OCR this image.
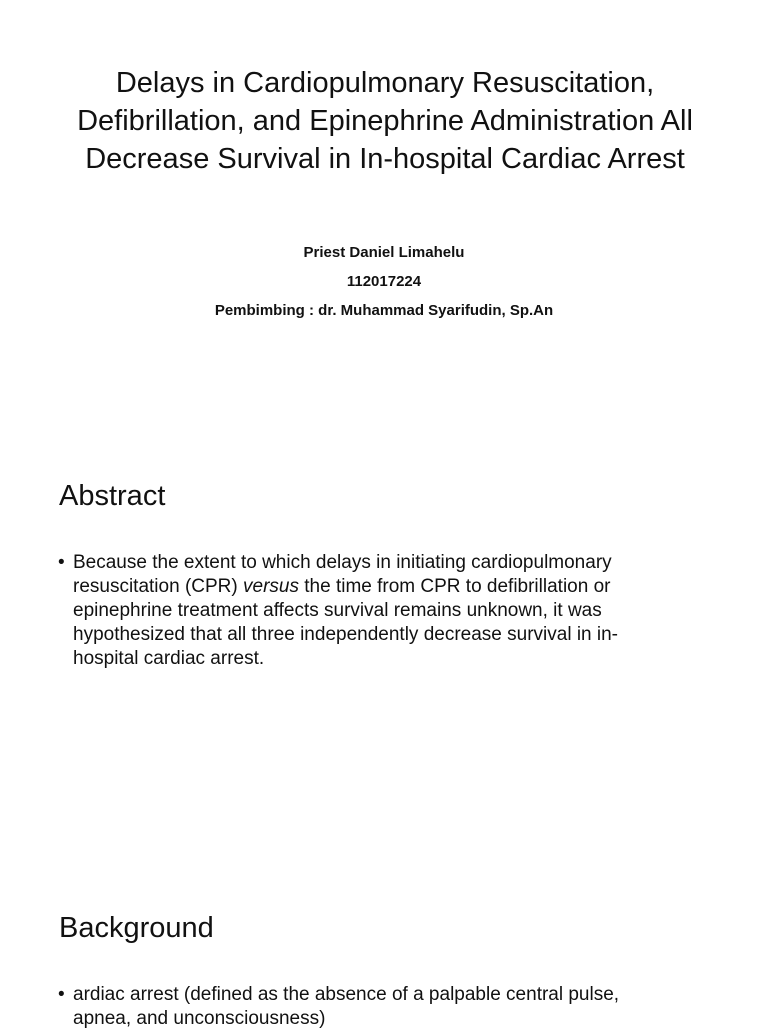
Delays in Cardiopulmonary Resuscitation, Defibrillation, and Epinephrine Administration All Decrease Survival in In-hospital Cardiac Arrest
Priest Daniel Limahelu
112017224
Pembimbing : dr. Muhammad Syarifudin, Sp.An
Abstract
• Because the extent to which delays in initiating cardiopulmonary resuscitation (CPR) versus the time from CPR to defibrillation or epinephrine treatment affects survival remains unknown, it was hypothesized that all three independently decrease survival in in-hospital cardiac arrest.
Background
• ardiac arrest (defined as the absence of a palpable central pulse, apnea, and unconsciousness)
